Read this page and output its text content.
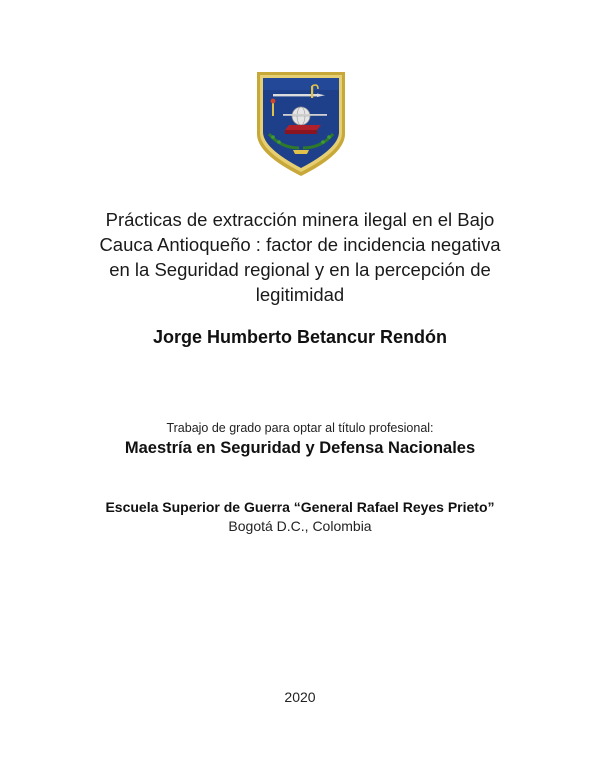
Prácticas de extracción minera ilegal en el Bajo Cauca Antioqueño : factor de incidencia negativa en la Seguridad regional y en la percepción de legitimidad
Jorge Humberto Betancur Rendón
Trabajo de grado para optar al título profesional:
Maestría en Seguridad y Defensa Nacionales
Escuela Superior de Guerra “General Rafael Reyes Prieto”
Bogotá D.C., Colombia
2020
